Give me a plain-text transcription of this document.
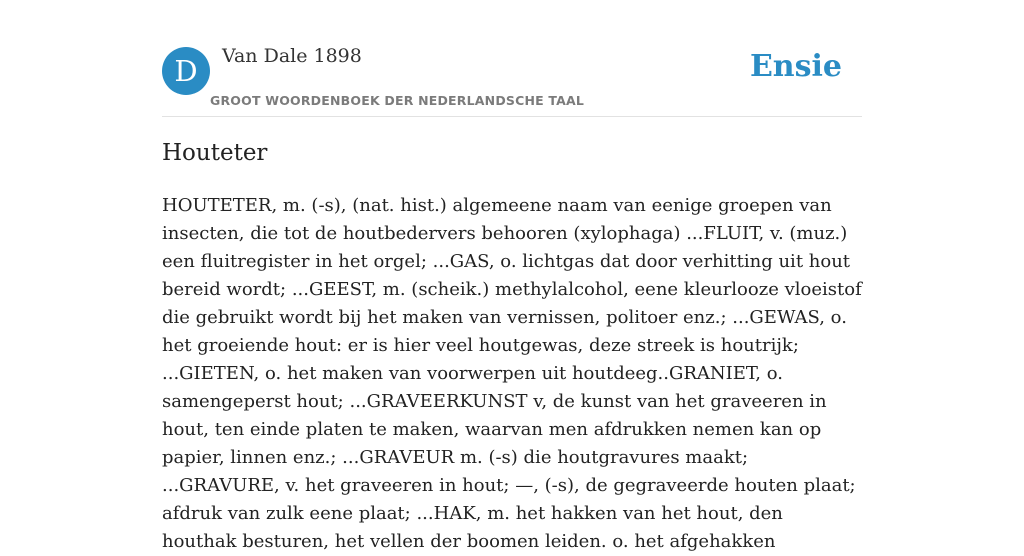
D	Van Dale 1898
GROOT WOORDENBOEK DER NEDERLANDSCHE TAAL
Ensie
Houteter

HOUTETER, m. (-s), (nat. hist.) algemeene naam van eenige groepen van insecten, die tot de houtbedervers behooren (xylophaga) ...FLUIT, v. (muz.) een fluitregister in het orgel; ...GAS, o. lichtgas dat door verhitting uit hout bereid wordt; ...GEEST, m. (scheik.) methylalcohol, eene kleurlooze vloeistof die gebruikt wordt bij het maken van vernissen, politoer enz.; ...GEWAS, o. het groeiende hout: er is hier veel houtgewas, deze streek is houtrijk; ...GIETEN, o. het maken van voorwerpen uit houtdeeg..GRANIET, o. samengeperst hout; ...GRAVEERKUNST v, de kunst van het graveeren in hout, ten einde platen te maken, waarvan men afdrukken nemen kan op papier, linnen enz.; ...GRAVEUR m. (-s) die houtgravures maakt; ...GRAVURE, v. het graveeren in hout; —, (-s), de gegraveerde houten plaat; afdruk van zulk eene plaat; ...HAK, m. het hakken van het hout, den houthak besturen, het vellen der boomen leiden. o. het afgehakken
